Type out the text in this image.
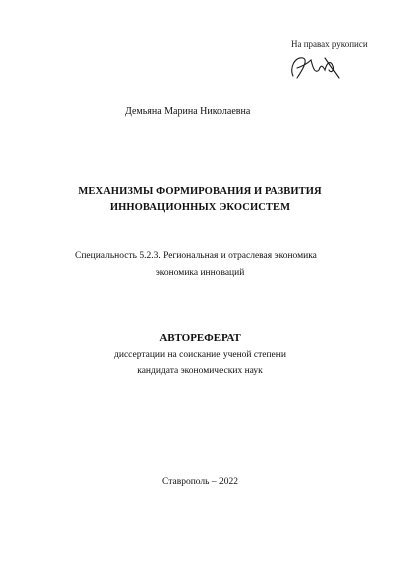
На правах рукописи
Демьяна Марина Николаевна
МЕХАНИЗМЫ ФОРМИРОВАНИЯ И РАЗВИТИЯ
ИННОВАЦИОННЫХ ЭКОСИСТЕМ
Специальность 5.2.3. Региональная и отраслевая экономика
экономика инноваций
АВТОРЕФЕРАТ
диссертации на соискание ученой степени
кандидата экономических наук
Ставрополь – 2022
